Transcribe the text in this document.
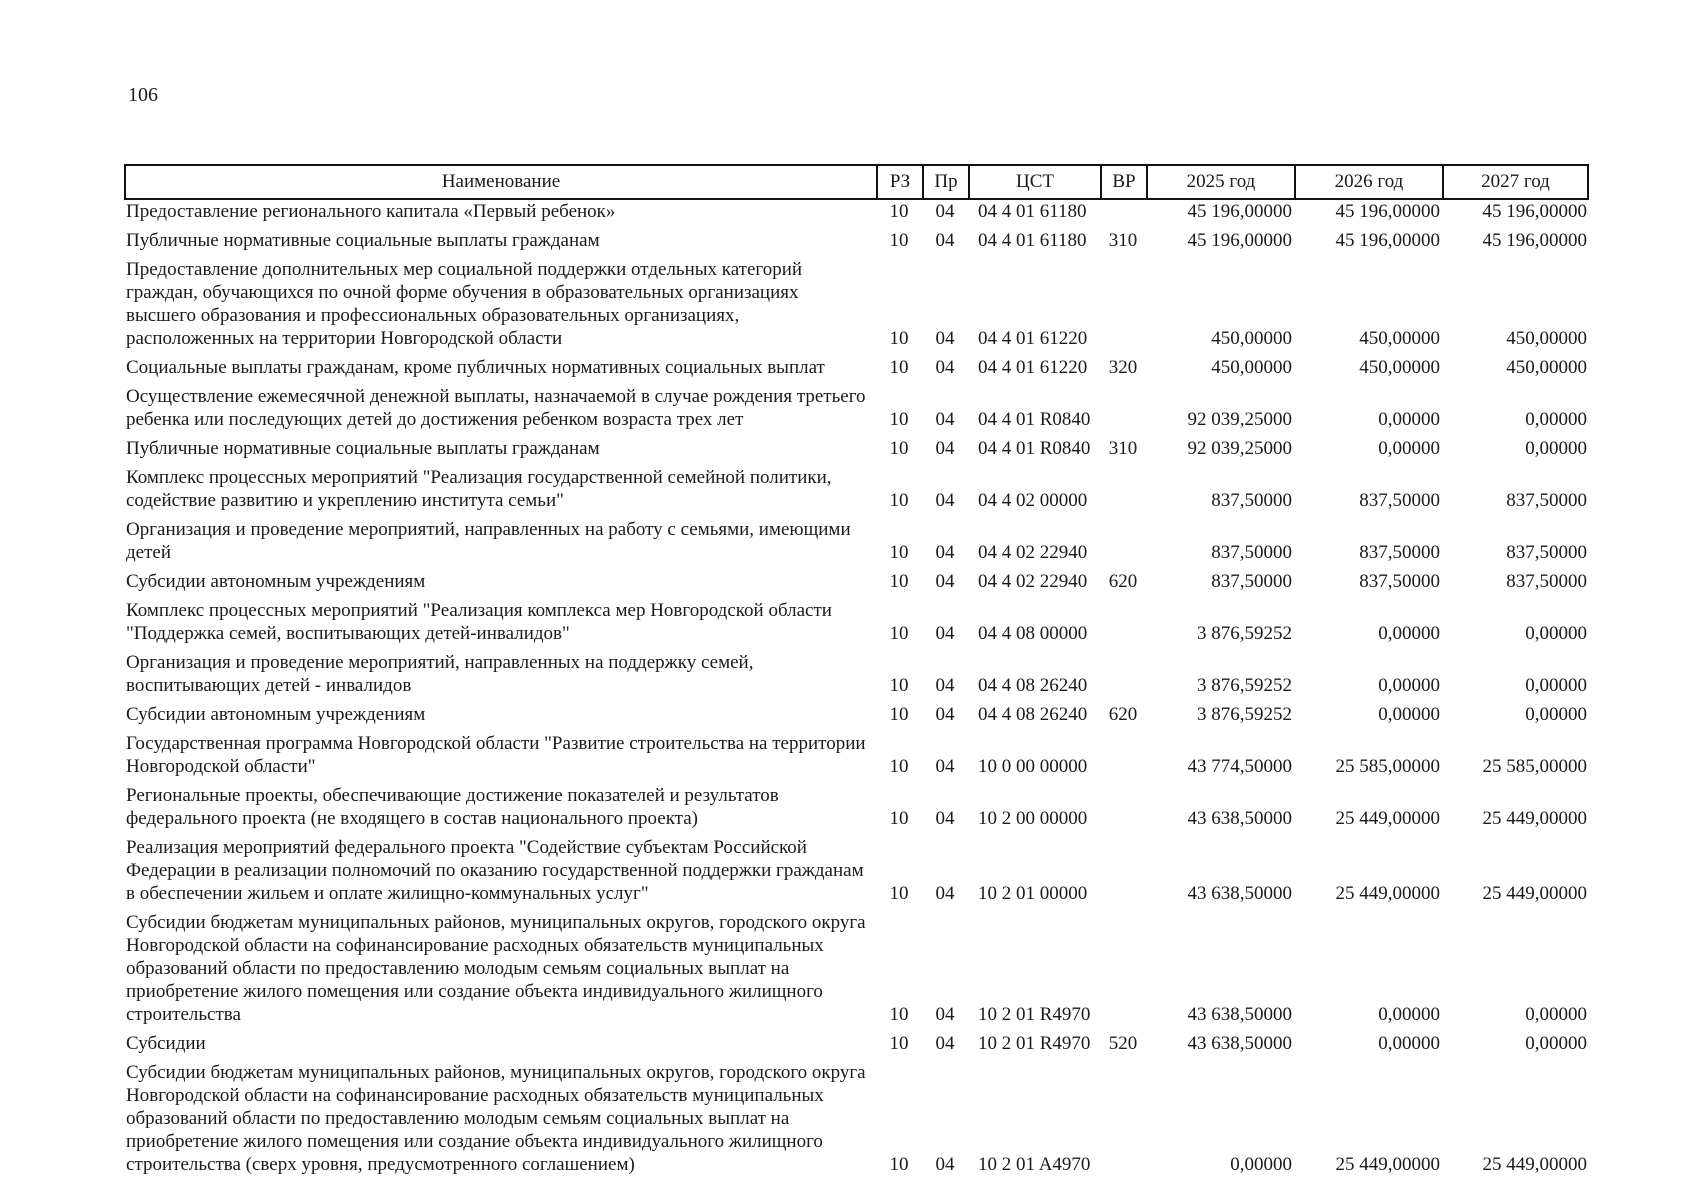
106
Наименование	РЗ	Пр	ЦСТ	ВР	2025 год	2026 год	2027 год
Предоставление регионального капитала «Первый ребенок»	10	04	04 4 01 61180		45 196,00000	45 196,00000	45 196,00000
Публичные нормативные социальные выплаты гражданам	10	04	04 4 01 61180	310	45 196,00000	45 196,00000	45 196,00000
Предоставление дополнительных мер социальной поддержки отдельных категорий граждан, обучающихся по очной форме обучения в образовательных организациях высшего образования и профессиональных образовательных организациях, расположенных на территории Новгородской области	10	04	04 4 01 61220		450,00000	450,00000	450,00000
Социальные выплаты гражданам, кроме публичных нормативных социальных выплат	10	04	04 4 01 61220	320	450,00000	450,00000	450,00000
Осуществление ежемесячной денежной выплаты, назначаемой в случае рождения третьего ребенка или последующих детей до достижения ребенком возраста трех лет	10	04	04 4 01 R0840		92 039,25000	0,00000	0,00000
Публичные нормативные социальные выплаты гражданам	10	04	04 4 01 R0840	310	92 039,25000	0,00000	0,00000
Комплекс процессных мероприятий "Реализация государственной семейной политики, содействие развитию и укреплению института семьи"	10	04	04 4 02 00000		837,50000	837,50000	837,50000
Организация и проведение мероприятий, направленных на работу с семьями, имеющими детей	10	04	04 4 02 22940		837,50000	837,50000	837,50000
Субсидии автономным учреждениям	10	04	04 4 02 22940	620	837,50000	837,50000	837,50000
Комплекс процессных мероприятий "Реализация комплекса мер Новгородской области "Поддержка семей, воспитывающих детей-инвалидов"	10	04	04 4 08 00000		3 876,59252	0,00000	0,00000
Организация и проведение мероприятий, направленных на поддержку семей, воспитывающих детей - инвалидов	10	04	04 4 08 26240		3 876,59252	0,00000	0,00000
Субсидии автономным учреждениям	10	04	04 4 08 26240	620	3 876,59252	0,00000	0,00000
Государственная программа Новгородской области "Развитие строительства на территории Новгородской области"	10	04	10 0 00 00000		43 774,50000	25 585,00000	25 585,00000
Региональные проекты, обеспечивающие достижение показателей и результатов федерального проекта (не входящего в состав национального проекта)	10	04	10 2 00 00000		43 638,50000	25 449,00000	25 449,00000
Реализация мероприятий федерального проекта "Содействие субъектам Российской Федерации в реализации полномочий по оказанию государственной поддержки гражданам в обеспечении жильем и оплате жилищно-коммунальных услуг"	10	04	10 2 01 00000		43 638,50000	25 449,00000	25 449,00000
Субсидии бюджетам муниципальных районов, муниципальных округов, городского округа Новгородской области на софинансирование расходных обязательств муниципальных образований области по предоставлению молодым семьям социальных выплат на приобретение жилого помещения или создание объекта индивидуального жилищного строительства	10	04	10 2 01 R4970		43 638,50000	0,00000	0,00000
Субсидии	10	04	10 2 01 R4970	520	43 638,50000	0,00000	0,00000
Субсидии бюджетам муниципальных районов, муниципальных округов, городского округа Новгородской области на софинансирование расходных обязательств муниципальных образований области по предоставлению молодым семьям социальных выплат на приобретение жилого помещения или создание объекта индивидуального жилищного строительства (сверх уровня, предусмотренного соглашением)	10	04	10 2 01 A4970		0,00000	25 449,00000	25 449,00000
